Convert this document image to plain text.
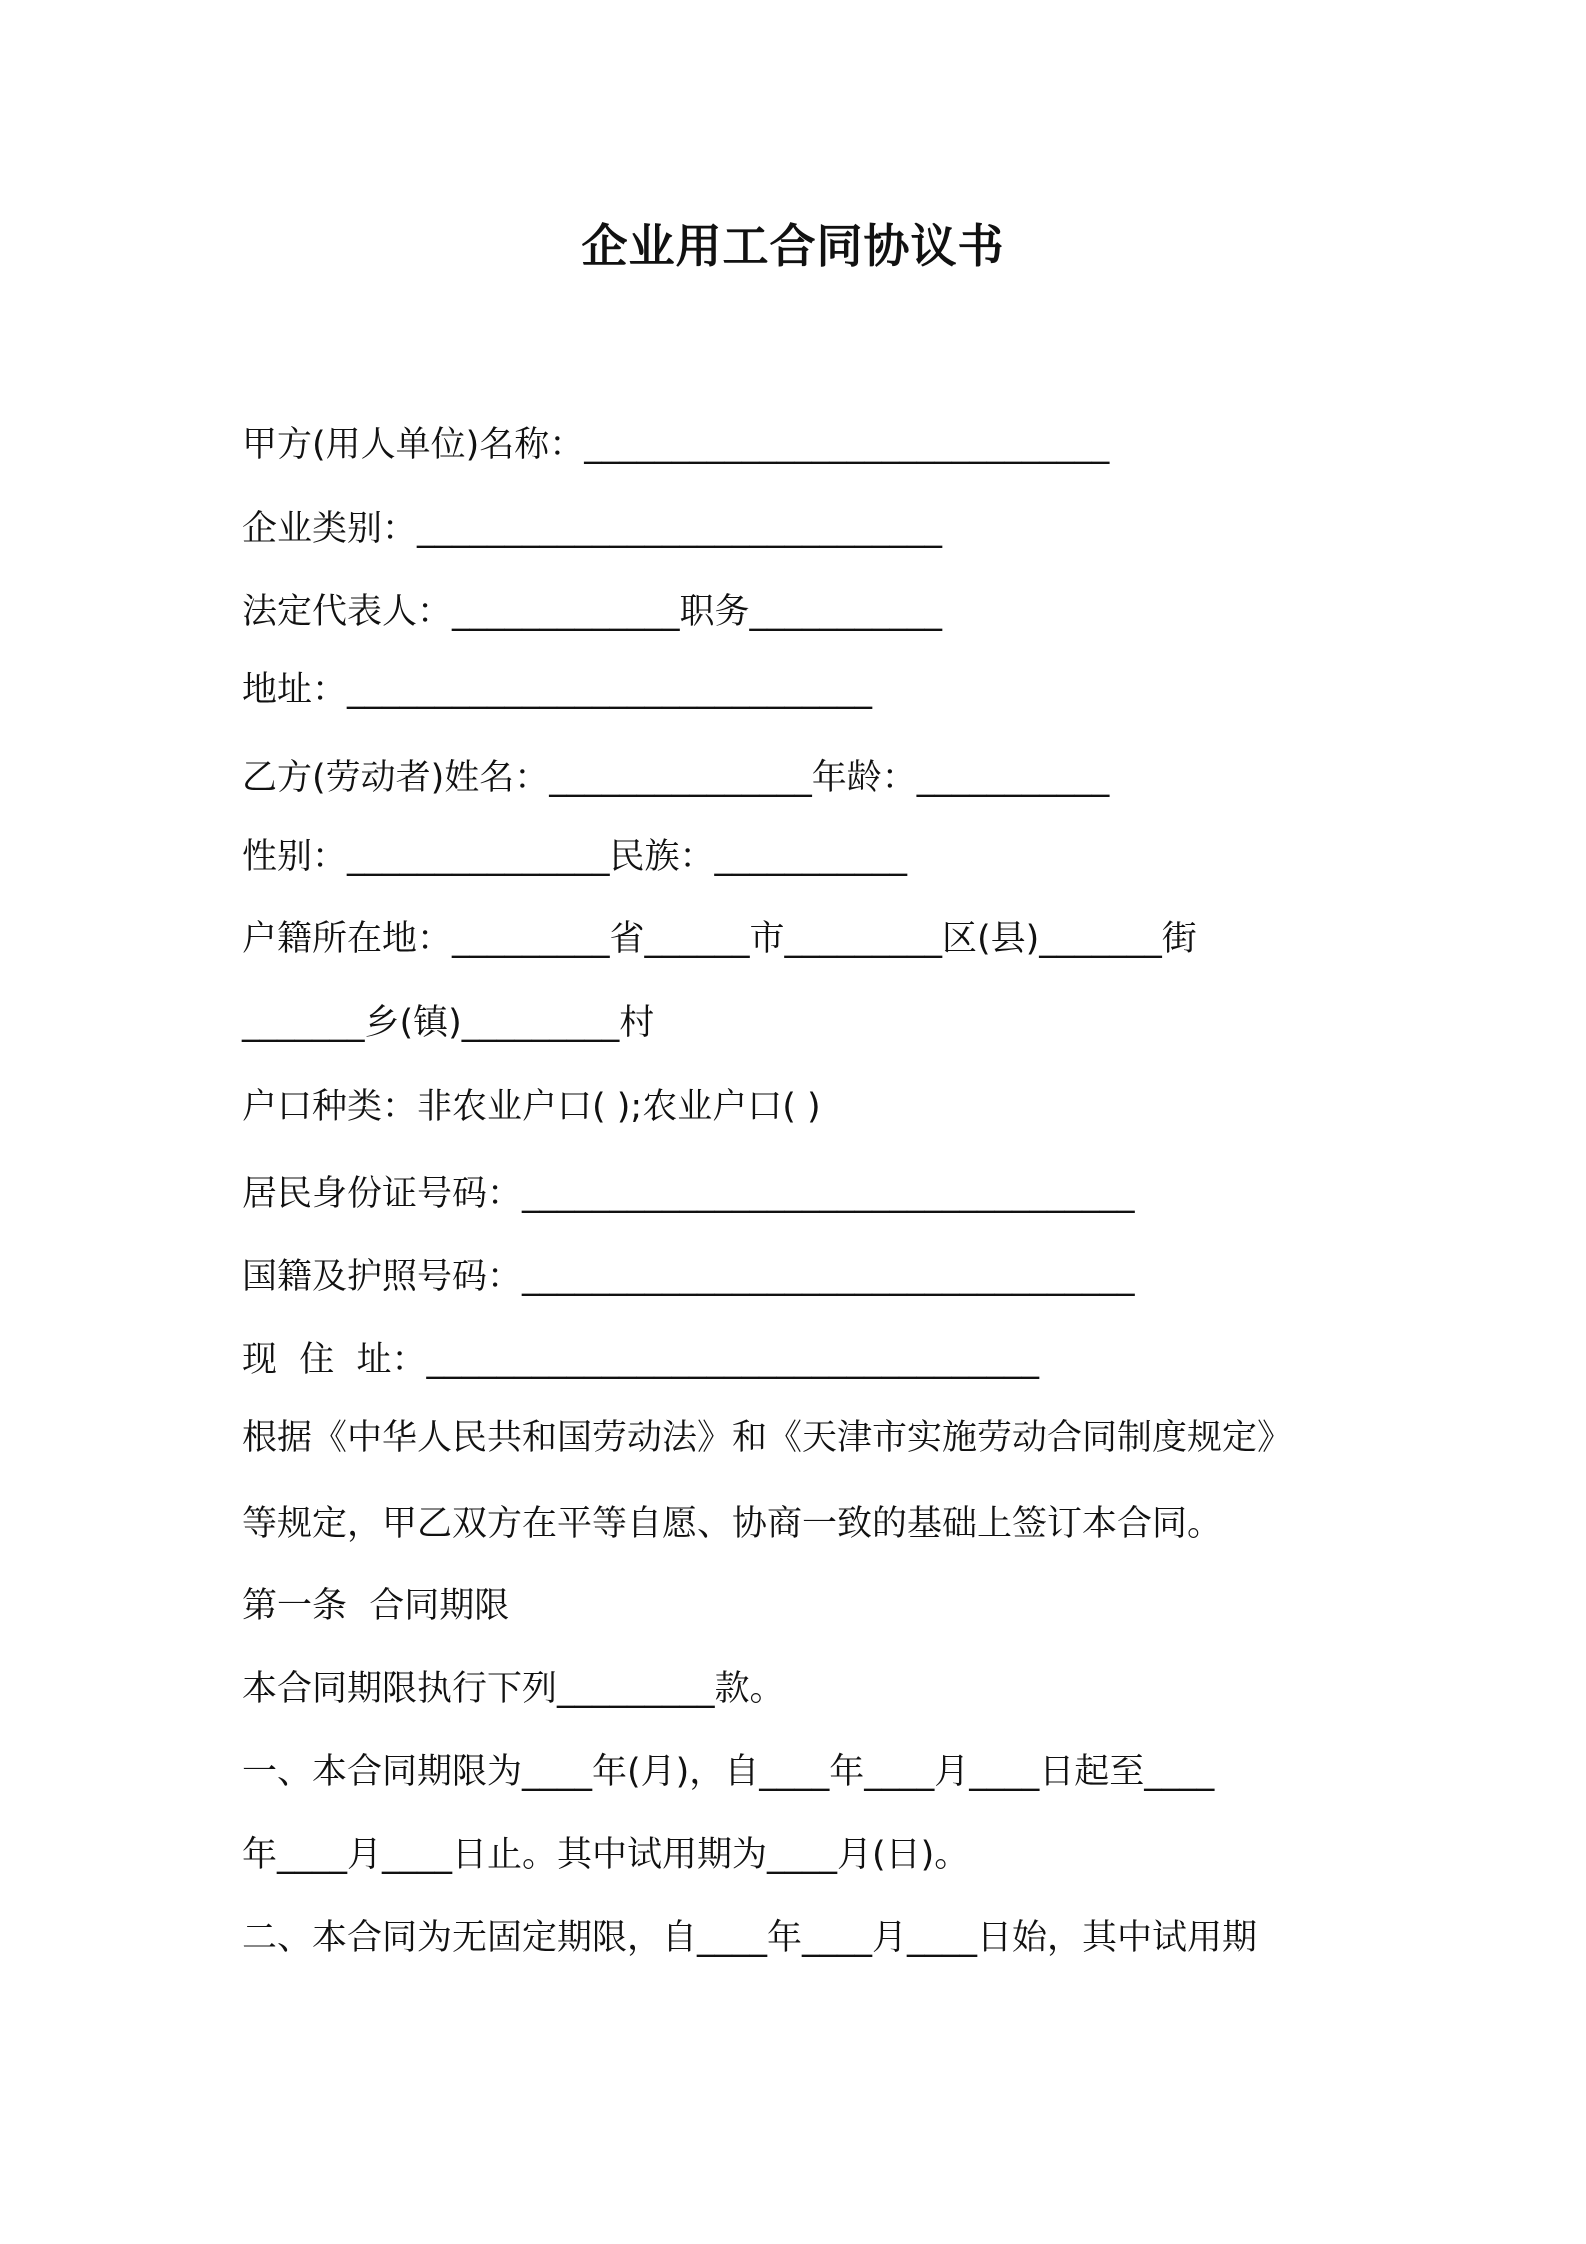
企业用工合同协议书
甲方(用人单位)名称：______________________________
企业类别：______________________________
法定代表人：_____________职务___________
地址：______________________________
乙方(劳动者)姓名：_______________年龄：___________
性别：_______________民族：___________
户籍所在地：_________省______市_________区(县)_______街
_______乡(镇)_________村
户口种类：非农业户口( );农业户口( )
居民身份证号码：___________________________________
国籍及护照号码：___________________________________
现  住  址：___________________________________
根据《中华人民共和国劳动法》和《天津市实施劳动合同制度规定》
等规定，甲乙双方在平等自愿、协商一致的基础上签订本合同。
第一条  合同期限
本合同期限执行下列_________款。
一、本合同期限为____年(月)，自____年____月____日起至____
年____月____日止。其中试用期为____月(日)。
二、本合同为无固定期限，自____年____月____日始，其中试用期
